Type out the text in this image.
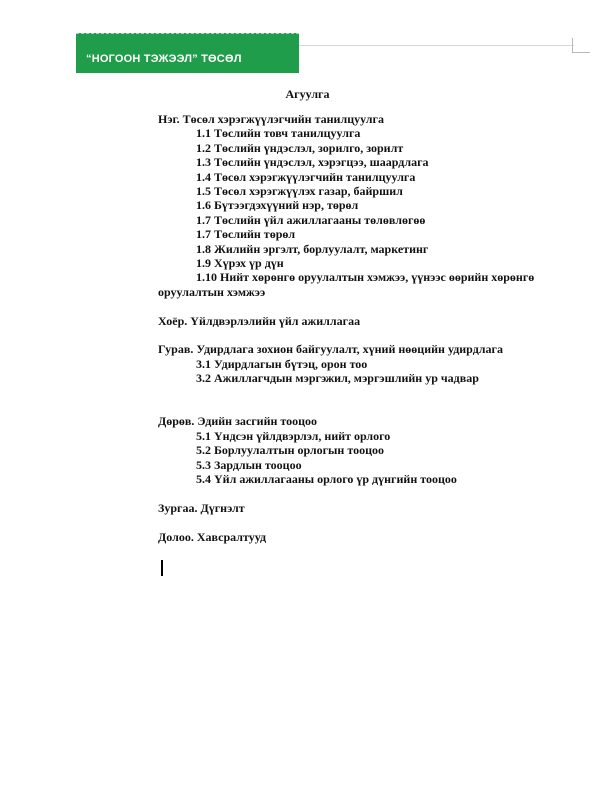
“НОГООН ТЭЖЭЭЛ” ТӨСӨЛ
Агуулга
Нэг. Төсөл хэрэгжүүлэгчийн танилцуулга
1.1 Төслийн товч танилцуулга
1.2 Төслийн үндэслэл, зорилго, зорилт
1.3 Төслийн үндэслэл, хэрэгцээ, шаардлага
1.4 Төсөл хэрэгжүүлэгчийн танилцуулга
1.5 Төсөл хэрэгжүүлэх газар, байршил
1.6 Бүтээгдэхүүний нэр, төрөл
1.7 Төслийн үйл ажиллагааны төлөвлөгөө
1.7 Төслийн төрөл
1.8 Жилийн эргэлт, борлуулалт, маркетинг
1.9 Хүрэх үр дүн
1.10 Нийт хөрөнгө оруулалтын хэмжээ, үүнээс өөрийн хөрөнгө оруулалтын хэмжээ
Хоёр. Үйлдвэрлэлийн үйл ажиллагаа
Гурав. Удирдлага зохион байгуулалт, хүний нөөцийн удирдлага
3.1 Удирдлагын бүтэц, орон тоо
3.2 Ажиллагчдын мэргэжил, мэргэшлийн ур чадвар
Дөрөв. Эдийн засгийн тооцоо
5.1 Үндсэн үйлдвэрлэл, нийт орлого
5.2 Борлуулалтын орлогын тооцоо
5.3 Зардлын тооцоо
5.4 Үйл ажиллагааны орлого үр дүнгийн тооцоо
Зургаа. Дүгнэлт
Долоо. Хавсралтууд
